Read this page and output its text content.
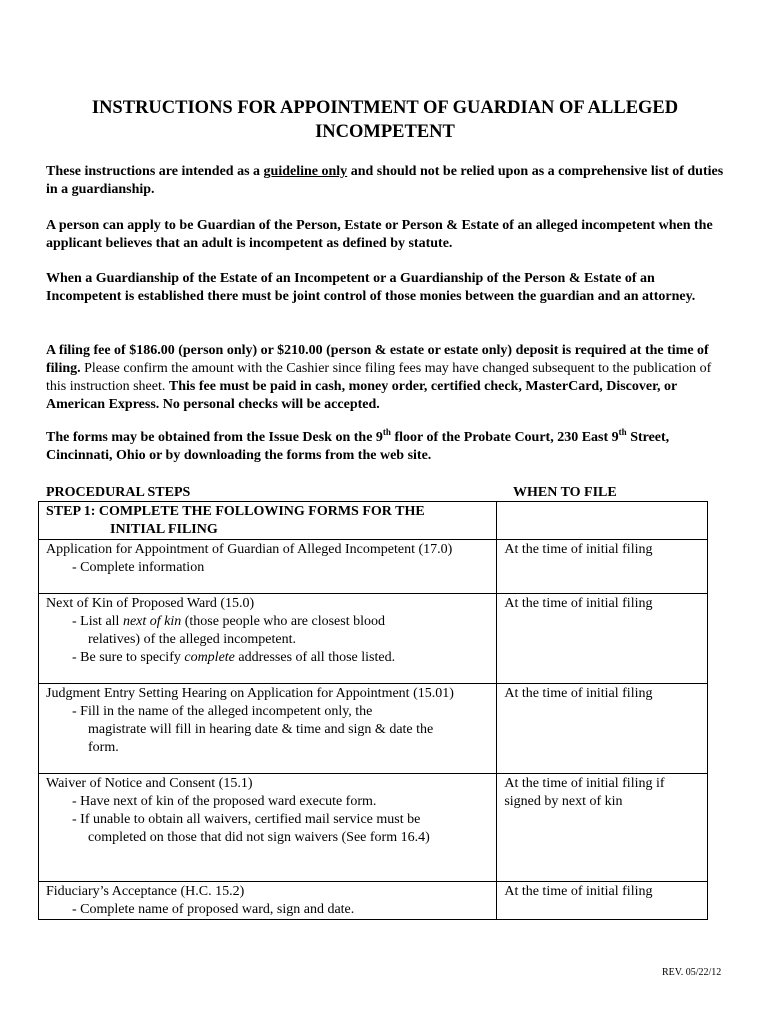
INSTRUCTIONS FOR APPOINTMENT OF GUARDIAN OF ALLEGED
INCOMPETENT
These instructions are intended as a guideline only and should not be relied upon as a comprehensive list of duties in a guardianship.
A person can apply to be Guardian of the Person, Estate or Person & Estate of an alleged incompetent when the applicant believes that an adult is incompetent as defined by statute.
When a Guardianship of the Estate of an Incompetent or a Guardianship of the Person & Estate of an Incompetent is established there must be joint control of those monies between the guardian and an attorney.
A filing fee of $186.00 (person only) or $210.00 (person & estate or estate only) deposit is required at the time of filing. Please confirm the amount with the Cashier since filing fees may have changed subsequent to the publication of this instruction sheet. This fee must be paid in cash, money order, certified check, MasterCard, Discover, or American Express. No personal checks will be accepted.
The forms may be obtained from the Issue Desk on the 9th floor of the Probate Court, 230 East 9th Street, Cincinnati, Ohio or by downloading the forms from the web site.
PROCEDURAL STEPS	WHEN TO FILE
STEP 1: COMPLETE THE FOLLOWING FORMS FOR THE
INITIAL FILING	

Application for Appointment of Guardian of Alleged Incompetent (17.0)
- Complete information	At the time of initial filing

Next of Kin of Proposed Ward (15.0)
- List all next of kin (those people who are closest blood
relatives) of the alleged incompetent.
- Be sure to specify complete addresses of all those listed.	At the time of initial filing

Judgment Entry Setting Hearing on Application for Appointment (15.01)
- Fill in the name of the alleged incompetent only, the
magistrate will fill in hearing date & time and sign & date the
form.	At the time of initial filing

Waiver of Notice and Consent (15.1)
- Have next of kin of the proposed ward execute form.
- If unable to obtain all waivers, certified mail service must be
completed on those that did not sign waivers (See form 16.4)	At the time of initial filing if signed by next of kin

Fiduciary’s Acceptance (H.C. 15.2)
- Complete name of proposed ward, sign and date.	At the time of initial filing
REV. 05/22/12
